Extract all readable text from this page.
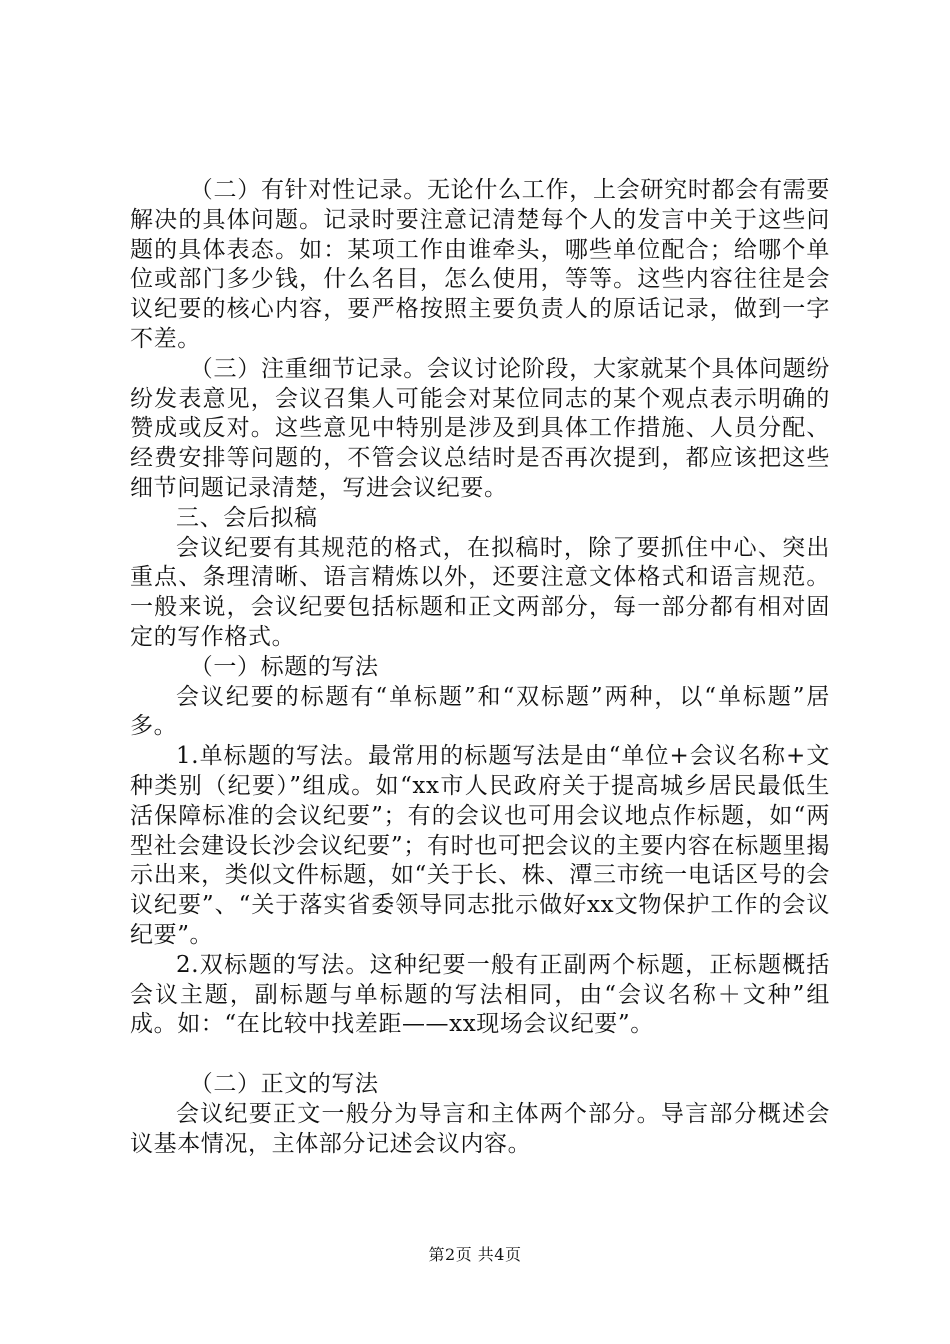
（二）有针对性记录。无论什么工作，上会研究时都会有需要解决的具体问题。记录时要注意记清楚每个人的发言中关于这些问题的具体表态。如：某项工作由谁牵头，哪些单位配合；给哪个单位或部门多少钱，什么名目，怎么使用，等等。这些内容往往是会议纪要的核心内容，要严格按照主要负责人的原话记录，做到一字不差。

（三）注重细节记录。会议讨论阶段，大家就某个具体问题纷纷发表意见，会议召集人可能会对某位同志的某个观点表示明确的赞成或反对。这些意见中特别是涉及到具体工作措施、人员分配、经费安排等问题的，不管会议总结时是否再次提到，都应该把这些细节问题记录清楚，写进会议纪要。

三、会后拟稿

会议纪要有其规范的格式，在拟稿时，除了要抓住中心、突出重点、条理清晰、语言精炼以外，还要注意文体格式和语言规范。一般来说，会议纪要包括标题和正文两部分，每一部分都有相对固定的写作格式。

（一）标题的写法

会议纪要的标题有“单标题”和“双标题”两种，以“单标题”居多。

1.单标题的写法。最常用的标题写法是由“单位+会议名称+文种类别（纪要）”组成。如“xx市人民政府关于提高城乡居民最低生活保障标准的会议纪要”；有的会议也可用会议地点作标题，如“两型社会建设长沙会议纪要”；有时也可把会议的主要内容在标题里揭示出来，类似文件标题，如“关于长、株、潭三市统一电话区号的会议纪要”、“关于落实省委领导同志批示做好xx文物保护工作的会议纪要”。

2.双标题的写法。这种纪要一般有正副两个标题，正标题概括会议主题，副标题与单标题的写法相同，由“会议名称＋文种”组成。如：“在比较中找差距——xx现场会议纪要”。

（二）正文的写法

会议纪要正文一般分为导言和主体两个部分。导言部分概述会议基本情况，主体部分记述会议内容。

第2页 共4页
